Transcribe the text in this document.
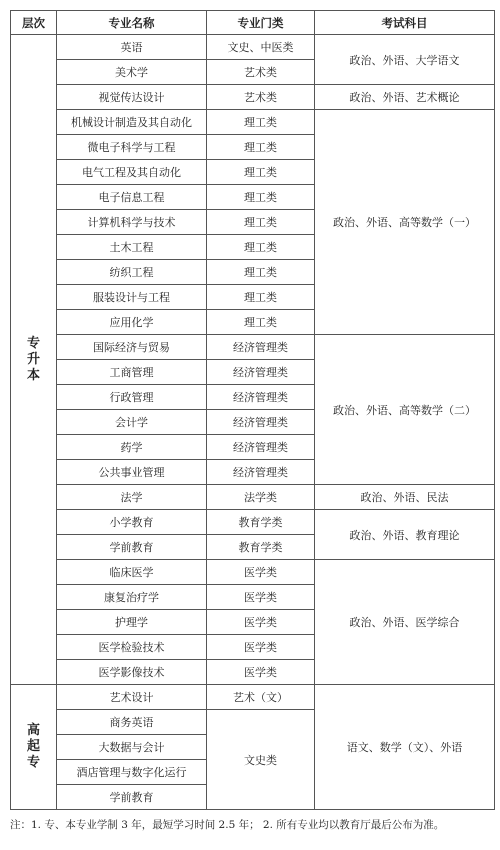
层次	专业名称	专业门类	考试科目

专
升
本	英语	文史、中医类	政治、外语、大学语文
	美术学	艺术类	
	视觉传达设计	艺术类	政治、外语、艺术概论
	机械设计制造及其自动化	理工类	政治、外语、高等数学（一）
	微电子科学与工程	理工类	
	电气工程及其自动化	理工类	
	电子信息工程	理工类	
	计算机科学与技术	理工类	
	土木工程	理工类	
	纺织工程	理工类	
	服装设计与工程	理工类	
	应用化学	理工类	
	国际经济与贸易	经济管理类	政治、外语、高等数学（二）
	工商管理	经济管理类	
	行政管理	经济管理类	
	会计学	经济管理类	
	药学	经济管理类	
	公共事业管理	经济管理类	
	法学	法学类	政治、外语、民法
	小学教育	教育学类	政治、外语、教育理论
	学前教育	教育学类	
	临床医学	医学类	政治、外语、医学综合
	康复治疗学	医学类	
	护理学	医学类	
	医学检验技术	医学类	
	医学影像技术	医学类	

高
起
专	艺术设计	艺术（文）	语文、数学（文）、外语
	商务英语	文史类	
	大数据与会计		
	酒店管理与数字化运行		
	学前教育		
注：1. 专、本专业学制 3 年，最短学习时间 2.5 年； 2. 所有专业均以教育厅最后公布为准。
